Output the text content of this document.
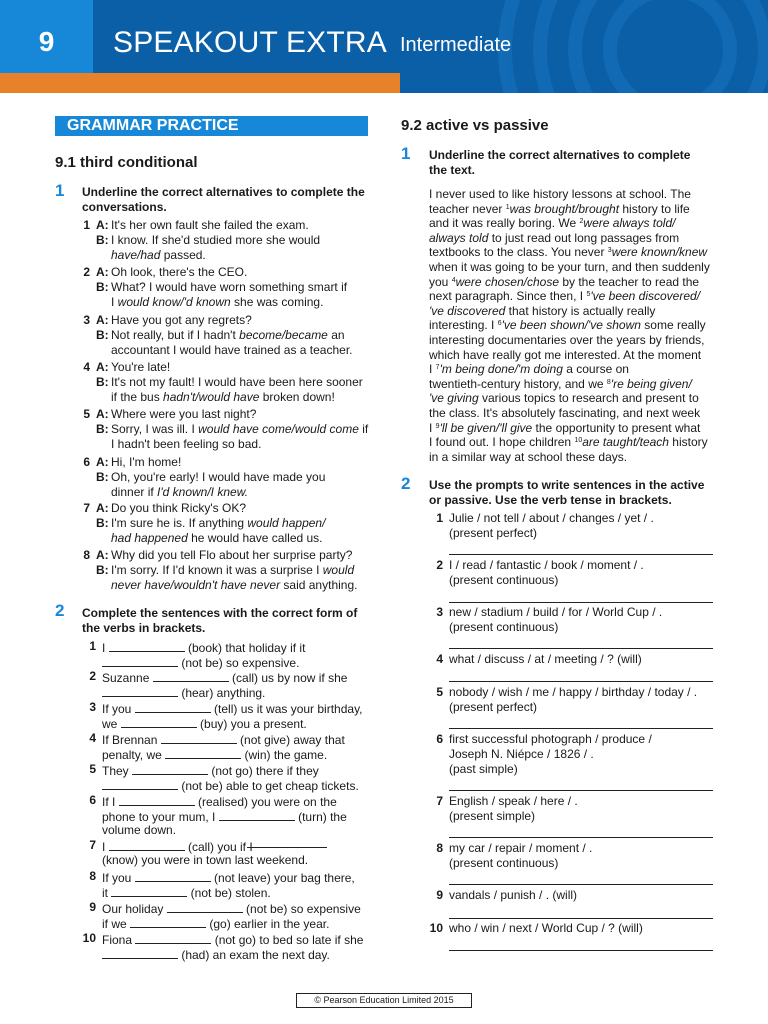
9	SPEAKOUT EXTRA Intermediate
GRAMMAR PRACTICE
9.1 third conditional
1 Underline the correct alternatives to complete the conversations.
1 A: It's her own fault she failed the exam.
B: I know. If she'd studied more she would
have/had passed.
2 A: Oh look, there's the CEO.
B: What? I would have worn something smart if
I would know/'d known she was coming.
3 A: Have you got any regrets?
B: Not really, but if I hadn't become/became an
accountant I would have trained as a teacher.
4 A: You're late!
B: It's not my fault! I would have been here sooner
if the bus hadn't/would have broken down!
5 A: Where were you last night?
B: Sorry, I was ill. I would have come/would come if
I hadn't been feeling so bad.
6 A: Hi, I'm home!
B: Oh, you're early! I would have made you
dinner if I'd known/I knew.
7 A: Do you think Ricky's OK?
B: I'm sure he is. If anything would happen/
had happened he would have called us.
8 A: Why did you tell Flo about her surprise party?
B: I'm sorry. If I'd known it was a surprise I would
never have/wouldn't have never said anything.
2 Complete the sentences with the correct form of the verbs in brackets.
1 I	(book) that holiday if it
(not be) so expensive.
2 Suzanne	(call) us by now if she
(hear) anything.
3 If you	(tell) us it was your birthday,
we	(buy) you a present.
4 If Brennan	(not give) away that
penalty, we	(win) the game.
5 They	(not go) there if they
(not be) able to get cheap tickets.
6 If I	(realised) you were on the
phone to your mum, I	(turn) the
volume down.
7 I	(call) you if I
(know) you were in town last weekend.
8 If you	(not leave) your bag there,
it	(not be) stolen.
9 Our holiday	(not be) so expensive
if we	(go) earlier in the year.
10 Fiona	(not go) to bed so late if she
(had) an exam the next day.
9.2 active vs passive
1 Underline the correct alternatives to complete the text.
I never used to like history lessons at school. The
teacher never $^1$was brought/brought history to life
and it was really boring. We $^2$were always told/
always told to just read out long passages from
textbooks to the class. You never $^3$were known/knew
when it was going to be your turn, and then suddenly
you $^4$were chosen/chose by the teacher to read the
next paragraph. Since then, I $^5$'ve been discovered/
've discovered that history is actually really
interesting. I $^6$'ve been shown/'ve shown some really
interesting documentaries over the years by friends,
which have really got me interested. At the moment
I $^7$'m being done/'m doing a course on
twentieth-century history, and we $^8$'re being given/
've giving various topics to research and present to
the class. It's absolutely fascinating, and next week
I $^9$'ll be given/'ll give the opportunity to present what
I found out. I hope children $^{10}$are taught/teach history
in a similar way at school these days.
2 Use the prompts to write sentences in the active or passive. Use the verb tense in brackets.
1 Julie / not tell / about / changes / yet / .
(present perfect)
2 I / read / fantastic / book / moment / .
(present continuous)
3 new / stadium / build / for / World Cup / .
(present continuous)
4 what / discuss / at / meeting / ? (will)
5 nobody / wish / me / happy / birthday / today / .
(present perfect)
6 first successful photograph / produce /
Joseph N. Niépce / 1826 / .
(past simple)
7 English / speak / here / .
(present simple)
8 my car / repair / moment / .
(present continuous)
9 vandals / punish / . (will)
10 who / win / next / World Cup / ? (will)
© Pearson Education Limited 2015
